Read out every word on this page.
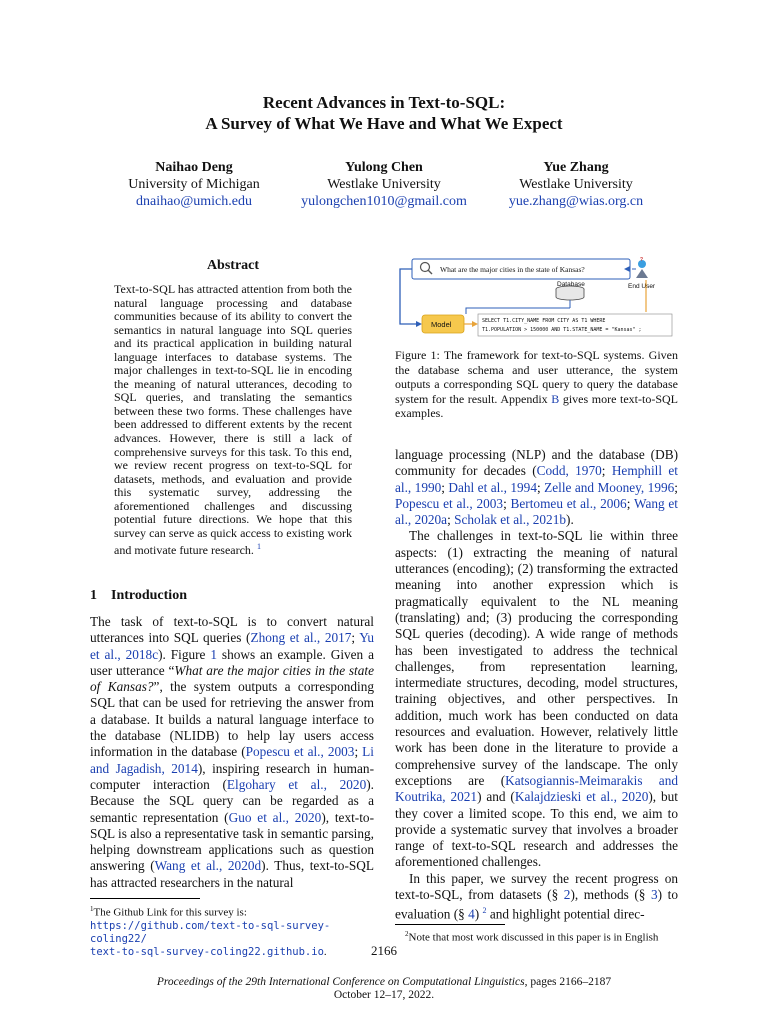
Recent Advances in Text-to-SQL:
A Survey of What We Have and What We Expect
Naihao Deng
University of Michigan
dnaihao@umich.edu
Yulong Chen
Westlake University
yulongchen1010@gmail.com
Yue Zhang
Westlake University
yue.zhang@wias.org.cn
Abstract
Text-to-SQL has attracted attention from both the natural language processing and database communities because of its ability to convert the semantics in natural language into SQL queries and its practical application in building natural language interfaces to database systems. The major challenges in text-to-SQL lie in encoding the meaning of natural utterances, decoding to SQL queries, and translating the semantics between these two forms. These challenges have been addressed to different extents by the recent advances. However, there is still a lack of comprehensive surveys for this task. To this end, we review recent progress on text-to-SQL for datasets, methods, and evaluation and provide this systematic survey, addressing the aforementioned challenges and discussing potential future directions. We hope that this survey can serve as quick access to existing work and motivate future research. $^1$
1 Introduction

The task of text-to-SQL is to convert natural utterances into SQL queries (Zhong et al., 2017; Yu et al., 2018c). Figure 1 shows an example. Given a user utterance “What are the major cities in the state of Kansas?”, the system outputs a corresponding SQL that can be used for retrieving the answer from a database. It builds a natural language interface to the database (NLIDB) to help lay users access information in the database (Popescu et al., 2003; Li and Jagadish, 2014), inspiring research in human-computer interaction (Elgohary et al., 2020). Because the SQL query can be regarded as a semantic representation (Guo et al., 2020), text-to-SQL is also a representative task in semantic parsing, helping downstream applications such as question answering (Wang et al., 2020d). Thus, text-to-SQL has attracted researchers in the natural

$^1$The Github Link for this survey is: https://github.com/text-to-sql-survey-coling22/
text-to-sql-survey-coling22.github.io.
What are the major cities in the state of Kansas?
?
End User
Database
Model	SELECT T1.CITY_NAME FROM CITY AS T1 WHERE
T1.POPULATION > 150000 AND T1.STATE_NAME = "Kansas" ;
Figure 1: The framework for text-to-SQL systems. Given the database schema and user utterance, the system outputs a corresponding SQL query to query the database system for the result. Appendix B gives more text-to-SQL examples.

language processing (NLP) and the database (DB) community for decades (Codd, 1970; Hemphill et al., 1990; Dahl et al., 1994; Zelle and Mooney, 1996; Popescu et al., 2003; Bertomeu et al., 2006; Wang et al., 2020a; Scholak et al., 2021b).

The challenges in text-to-SQL lie within three aspects: (1) extracting the meaning of natural utterances (encoding); (2) transforming the extracted meaning into another expression which is pragmatically equivalent to the NL meaning (translating) and; (3) producing the corresponding SQL queries (decoding). A wide range of methods has been investigated to address the technical challenges, from representation learning, intermediate structures, decoding, model structures, training objectives, and other perspectives. In addition, much work has been conducted on data resources and evaluation. However, relatively little work has been done in the literature to provide a comprehensive survey of the landscape. The only exceptions are (Katsogiannis-Meimarakis and Koutrika, 2021) and (Kalajdzieski et al., 2020), but they cover a limited scope. To this end, we aim to provide a systematic survey that involves a broader range of text-to-SQL research and addresses the aforementioned challenges.

In this paper, we survey the recent progress on text-to-SQL, from datasets (§ 2), methods (§ 3) to evaluation (§ 4) $^2$ and highlight potential direc-

$^2$Note that most work discussed in this paper is in English
2166
Proceedings of the 29th International Conference on Computational Linguistics, pages 2166–2187
October 12–17, 2022.
